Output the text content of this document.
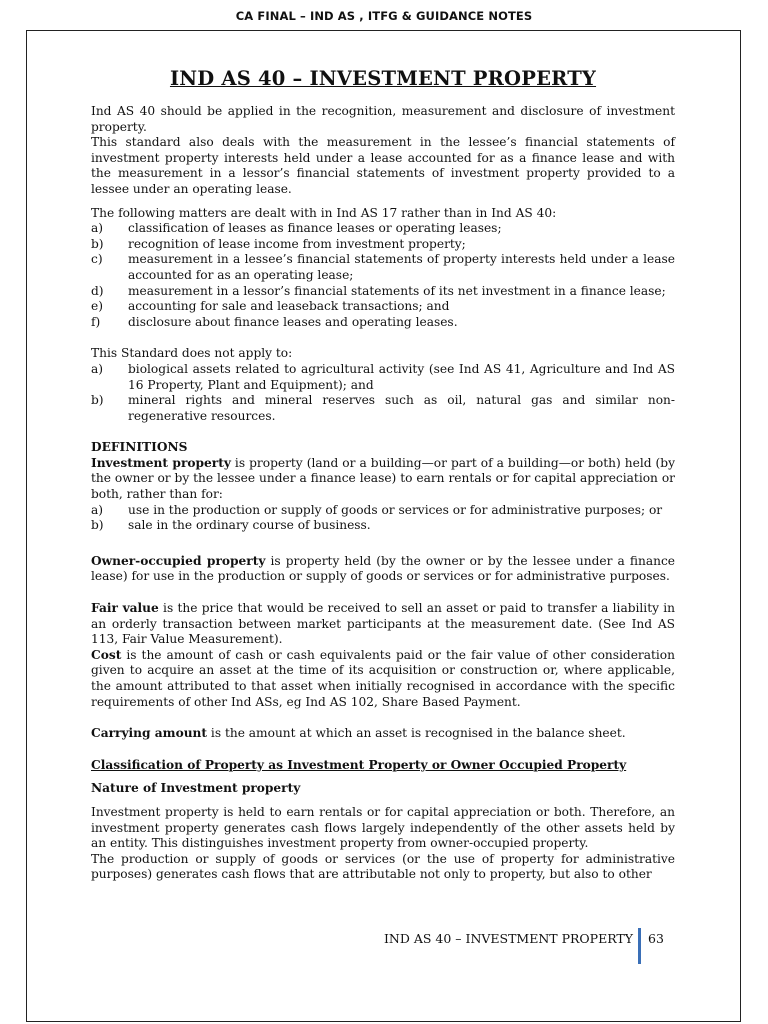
CA FINAL – IND AS , ITFG & GUIDANCE NOTES
IND AS 40 – INVESTMENT PROPERTY

Ind AS 40 should be applied in the recognition, measurement and disclosure of investment property.

This standard also deals with the measurement in the lessee’s financial statements of investment property interests held under a lease accounted for as a finance lease and with the measurement in a lessor’s financial statements of investment property provided to a lessee under an operating lease.

The following matters are dealt with in Ind AS 17 rather than in Ind AS 40:

a)	classification of leases as finance leases or operating leases;
b)	recognition of lease income from investment property;
c)	measurement in a lessee’s financial statements of property interests held under a lease accounted for as an operating lease;
d)	measurement in a lessor’s financial statements of its net investment in a finance lease;
e)	accounting for sale and leaseback transactions; and
f)	disclosure about finance leases and operating leases.

This Standard does not apply to:

a)	biological assets related to agricultural activity (see Ind AS 41, Agriculture and Ind AS 16 Property, Plant and Equipment); and
b)	mineral rights and mineral reserves such as oil, natural gas and similar non-regenerative resources.

DEFINITIONS

Investment property is property (land or a building—or part of a building—or both) held (by the owner or by the lessee under a finance lease) to earn rentals or for capital appreciation or both, rather than for:

a)	use in the production or supply of goods or services or for administrative purposes; or
b)	sale in the ordinary course of business.

Owner-occupied property is property held (by the owner or by the lessee under a finance lease) for use in the production or supply of goods or services or for administrative purposes.

Fair value is the price that would be received to sell an asset or paid to transfer a liability in an orderly transaction between market participants at the measurement date. (See Ind AS 113, Fair Value Measurement).

Cost is the amount of cash or cash equivalents paid or the fair value of other consideration given to acquire an asset at the time of its acquisition or construction or, where applicable, the amount attributed to that asset when initially recognised in accordance with the specific requirements of other Ind ASs, eg Ind AS 102, Share Based Payment.

Carrying amount is the amount at which an asset is recognised in the balance sheet.

Classification of Property as Investment Property or Owner Occupied Property

Nature of Investment property

Investment property is held to earn rentals or for capital appreciation or both. Therefore, an investment property generates cash flows largely independently of the other assets held by an entity. This distinguishes investment property from owner-occupied property.

The production or supply of goods or services (or the use of property for administrative purposes) generates cash flows that are attributable not only to property, but also to other

IND AS 40 – INVESTMENT PROPERTY 63
